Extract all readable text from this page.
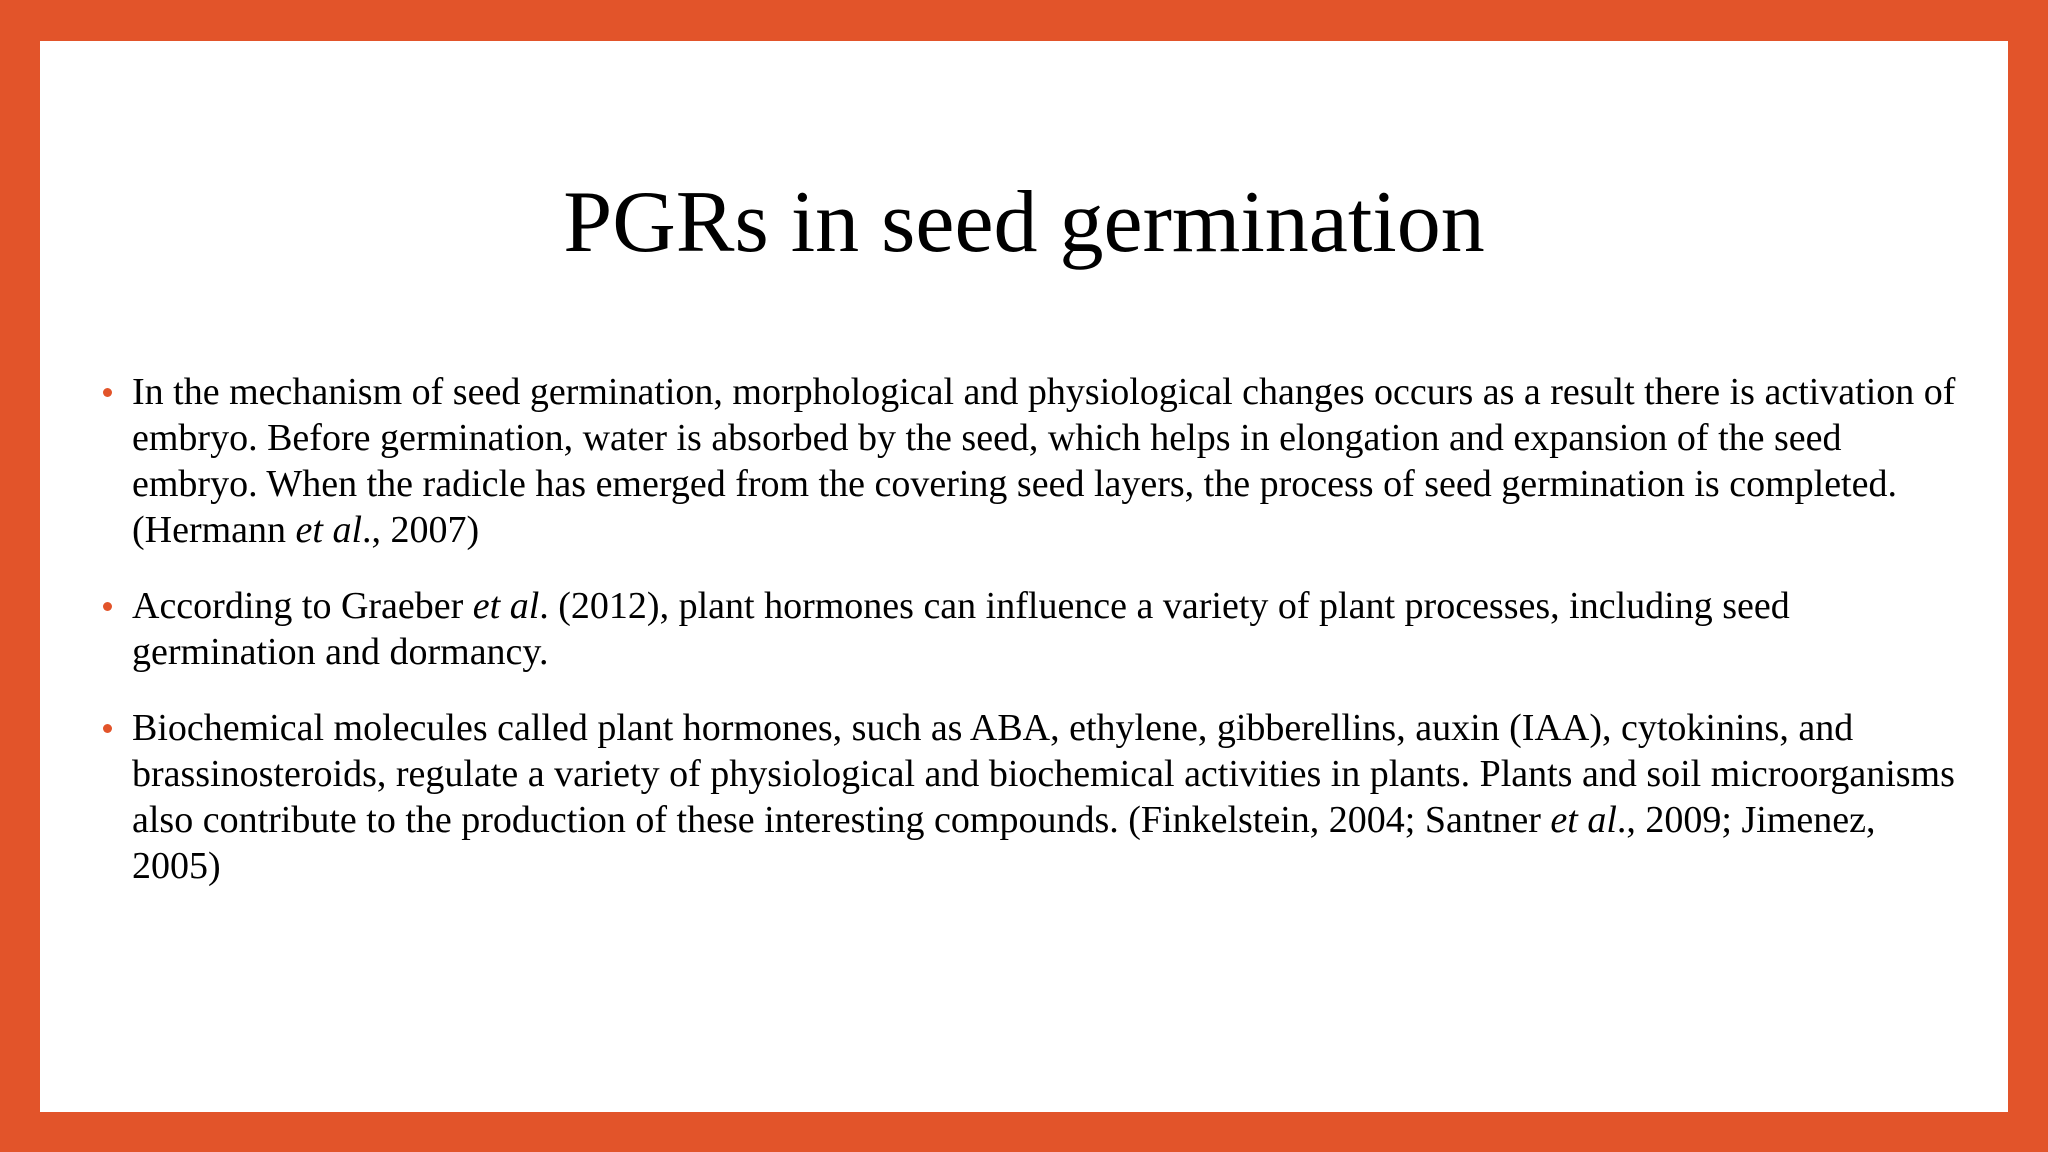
PGRs in seed germination
In the mechanism of seed germination, morphological and physiological changes occurs as a result there is activation of embryo. Before germination, water is absorbed by the seed, which helps in elongation and expansion of the seed embryo. When the radicle has emerged from the covering seed layers, the process of seed germination is completed. (Hermann et al., 2007)
According to Graeber et al. (2012), plant hormones can influence a variety of plant processes, including seed germination and dormancy.
Biochemical molecules called plant hormones, such as ABA, ethylene, gibberellins, auxin (IAA), cytokinins, and brassinosteroids, regulate a variety of physiological and biochemical activities in plants. Plants and soil microorganisms also contribute to the production of these interesting compounds. (Finkelstein, 2004; Santner et al., 2009; Jimenez, 2005)
